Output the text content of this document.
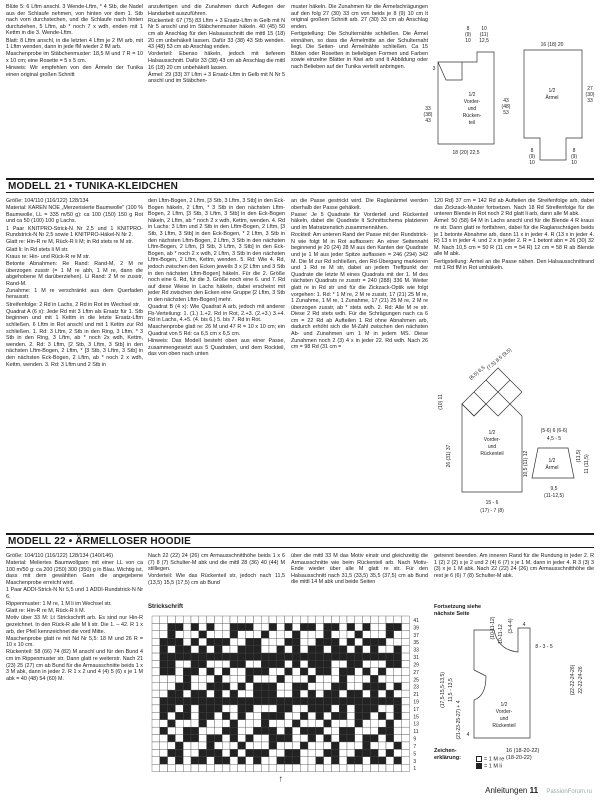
Blüte 5: 6 Lftm anschl. 3 Wende-Lftm, * 4 Stb, die Nadel aus der Schlaufe nehmen, von hinten vor dem 1. Stb nach vorn durchstechen, und die Schlaufe nach hinten durchziehen, 5 Lftm, ab * noch 7 x wdh, enden mit 1 Kettm in die 3. Wende-Lftm.

Blatt: 8 Lftm anschl, in die letzten 4 Lftm je 2 fM arb, mit 1 Lftm wenden, dann in jede fM wieder 2 fM arb.

Maschenprobe im Stäbchenmuster: 18,5 M und 7 R = 10 x 10 cm; eine Rosette = 5 x 5 cm.

Hinweis: Wir empfehlen von den Ärmeln der Tunika einen original großen Schnitt

anzufertigen und die Zunahmen durch Auflegen der Handarbeit auszuführen.

Rückenteil: 67 (75) 83 Lftm + 3 Ersatz-Lftm in Gelb mit N Nr 5 anschl und im Stäbchenmuster häkeln. 40 (45) 50 cm ab Anschlag für den Halsausschnitt die mittl 15 (18) 20 cm unbehäkelt lassen. Dafür 33 (38) 43 Stb wenden. 43 (48) 53 cm ab Anschlag enden.

Vorderteil: Ebenso häkeln, jedoch mit tieferem Halsausschnitt. Dafür 33 (38) 43 cm ab Anschlag die mittl 16 (18) 20 cm unbehäkelt lassen.

Ärmel: 29 (33) 37 Lftm + 3 Ersatz-Lftm in Gelb mit N Nr 5 anschl und im Stäbchen-

muster häkeln. Die Zunahmen für die Ärmelschrägungen auf den folg 27 (30) 33 cm von beids je 8 (9) 10 cm lt original großem Schnitt arb. 27 (30) 33 cm ab Anschlag enden.

Fertigstellung: Die Schulternähte schließen. Die Ärmel einnähen, so dass die Ärmelmitte an der Schulternaht liegt. Die Seiten- und Ärmelnähte schließen. Ca 15 Blüten oder Rosetten in beliebigen Formen und Farben sowie einzelne Blätter in Kiwi arb und lt Abbildung oder nach Belieben auf der Tunika verteilt anbringen.

8
(9)
10
10
(11)
12,5
16 (18) 20
3
33
(38)
43
43
(48)
53
1/2
Vorder-
und
Rücken-
teil
18 (20) 22,5
1/2
Ärmel
27
(30)
33
8
(9)
10
8
(9)
10
MODELL 21 • TUNIKA-KLEIDCHEN

Größe: 104/110 (116/122) 128/134

Material: KAREN NOE „Merzerisierte Baumwolle" (100 % Baumwolle, LL = 335 m/50 g): ca 100 (150) 150 g Rot und ca 50 (100) 100 g Lachs.

1 Paar KNITPRO-Strick-N Nr 2,5 und 1 KNITPRO-Rundstrick-N Nr 2,5 sowie 1 KNITPRO-Häkel-N Nr 2.

Glatt re: Hin-R re M, Rück-R li M; in Rd stets re M str.

Glatt li: In Rd stets li M str.

Kraus re: Hin- und Rück-R re M str.

Betonte Abnahmen: Re Rand: Rand-M, 2 M re überzogen zusstr (= 1 M re abh, 1 M re, dann die abgehobene M darüberziehen). Li Rand: 2 M re zusstr, Rand-M.

Zunahme: 1 M re verschränkt aus dem Querfaden herausstr.

Streifenfolge: 2 Rd in Lachs, 2 Rd in Rot im Wechsel str.

Quadrat A (6 x): Jede Rd mit 3 Lftm als Ersatz für 1. Stb beginnen und mit 1 Kettm in die letzte Ersatz-Lftm schließen. 6 Lftm in Rot anschl und mit 1 Kettm zur Rd schließen. 1. Rd: 3 Lftm, 2 Stb in den Ring, 3 Lftm, * 3 Stb in den Ring, 3 Lftm, ab * noch 2x wdh, Kettm, wenden. 2. Rd: 3 Lftm, [2 Stb, 3 Lftm, 3 Stb] in den nächsten Lftm-Bogen, 2 Lftm, * [3 Stb, 3 Lftm, 3 Stb] in den nächsten Eck-Bogen, 2 Lftm, ab * noch 2 x wdh, Kettm, wenden. 3. Rd: 3 Lftm und 2 Stb in

den Lftm-Bogen, 2 Lftm, [3 Stb, 3 Lftm, 3 Stb] in den Eck-Bogen häkeln, 2 Lftm, * 3 Stb in den nächsten Lftm-Bogen, 2 Lftm, [3 Stb, 3 Lftm, 3 Stb] in den Eck-Bogen häkeln, 2 Lftm, ab * noch 2 x wdh, Kettm, wenden. 4. Rd in Lachs: 3 Lftm und 2 Stb in den Lftm-Bogen, 2 Lftm, [3 Stb, 3 Lftm, 3 Stb] in den Eck-Bogen, * 2 Lftm, 3 Stb in den nächsten Lftm-Bogen, 2 Lftm, 3 Stb in den nächsten Lftm-Bogen, 2 Lftm, [3 Stb, 3 Lftm, 3 Stb] in den Eck-Bogen, ab * noch 2 x wdh, 2 Lftm, 3 Stb in den nächsten Lftm-Bogen, 2 Lftm, Kettm, wenden. 5. Rd: Wie 4. Rd, jedoch zwischen den Ecken jeweils 3 x [2 Lftm und 3 Stb in den nächsten Lftm-Bogen] häkeln. Für die 2. Größe noch eine 6. Rd, für die 3. Größe noch eine 6. und 7. Rd auf diese Weise in Lachs häkeln, dabei erscheint mit jeder Rd zwischen den Ecken eine Gruppe [2 Lftm, 3 Stb in den nächsten Lftm-Bogen] mehr.

Quadrat B (4 x): Wie Quadrat A arb, jedoch mit anderer Fb-Verteilung: 1. (1.) 1.+2. Rd in Rot, 2.+3. (2.+3.) 3.+4. Rd in Lachs, 4.+5. (4. bis 6.) 5. bis 7. Rd in Rot.

Maschenprobe glatt re: 26 M und 47 R = 10 x 10 cm; ein Quadrat von 5 Rd: ca 6,5 cm x 6,5 cm.

Hinweis: Das Modell besteht oben aus einer Passe, zusammengesetzt aus 5 Quadraten, und dem Rockteil, das von oben nach unten

an die Passe gestrickt wird. Die Raglanärmel werden oberhalb der Passe gehäkelt.

Passe: Je 5 Quadrate für Vorderteil und Rückenteil häkeln, dabei die Quadrate lt Schnittschema platzieren und im Matratzenstich zusammennähen.

Rockteil: Am unteren Rand der Passe mit der Rundstrick-N wie folgt M in Rot auffassen: An einer Seitennaht beginnend je 20 (24) 28 M aus den Kanten der Quadrate und je 1 M aus jeder Spitze auffassen = 246 (294) 342 M. Die M zur Rd schließen, den Rd-Übergang markieren und 1 Rd re M str, dabei an jedem Treffpunkt der Quadrate die letzte M eines Quadrats mit der 1. M des nächsten Quadrats re zusstr = 240 (288) 336 M. Weiter glatt re in Rd str und für die Zickzack-Optik wie folgt vorgehen: 1. Rd: * 1 M re, 2 M re zusstr, 17 (21) 25 M re, 1 Zunahme, 1 M re, 1 Zunahme, 17 (21) 25 M re, 2 M re überzogen zusstr, ab * stets wdh. 2. Rd: Alle M re str. Diese 2 Rd stets wdh. Für die Schrägungen nach ca 6 cm = 22 Rd ab Aufteilen 1 Rd ohne Abnahmen arb, dadurch erhöht sich die M-Zahl zwischen den nächsten Ab- und Zunahmen um 1 M in jedem MS. Diese Zunahmen noch 2 (3) 4 x in jeder 22. Rd wdh. Nach 26 cm = 98 Rd (31 cm =

120 Rd) 37 cm = 142 Rd ab Aufteilen die Streifenfolge arb, dabei das Zickzack-Muster fortsetzen. Nach 18 Rd Streifenfolge für die unteren Blende in Rot noch 2 Rd glatt li arb, dann alle M abk.

Ärmel: 50 (58) 64 M in Lachs anschl und für die Blende 4 R kraus re str. Dann glatt re fortfahren, dabei für die Raglanschrägen beids je 1 betonte Abnahme arb, dann 11 x in jeder 4. R (13 x in jeder 4. R) 13 x in jeder 4. und 2 x in jeder 2. R = 1 betont abn = 26 (30) 32 M. Nach 10,5 cm = 50 R (11 cm = 54 R) 12 cm = 58 R ab Blende alle M abk.

Fertigstellung: Ärmel an die Passe nähen. Den Halsausschnittrand mit 1 Rd fM in Rot umhäkeln.

(7,5) 8,5 (9,5)
(6,5) 6,5
1/2
Vorder-
und
Rückenteil
26 (31) 37
(10) 11
15 - 6
(17) - 7 (8)
(5-6) 6 (6-6)
4,5 - 5
1/2
Ärmel
10,5 (11) 12	(11,5) 11 (11,5)
9,5
(11-12,5)
MODELL 22 • ÄRMELLOSER HOODIE

Größe: 104/110 (116/122) 128/134 (140/146)

Material: Meliertes Baumwollgarn mit einer LL von ca 100 m/50 g: ca 200 (250) 300 (350) g in Blau. Wichtig ist, dass mit dem gewählten Garn die angegebene Maschenprobe erreicht wird.

1 Paar ADDI-Strick-N Nr 5,5 und 1 ADDI-Rundstrick-N Nr 6.

Rippenmuster: 1 M re, 1 M li im Wechsel str.

Glatt re: Hin-R re M, Rück-R li M.

Motiv über 33 M: Lt Strickschrift arb. Es sind nur Hin-R gezeichnet. In den Rück-R alle M li str. Die 1. – 42. R 1 x arb, der Pfeil kennzeichnet die vord Mitte.

Maschenprobe glatt re mit Nd Nr 5,5: 18 M und 26 R = 10 x 10 cm.

Rückenteil: 58 (66) 74 (82) M anschl und für den Bund 4 cm im Rippenmuster str. Dann glatt re weiterstr. Nach 21 (23) 25 (27) cm ab Bund für die Armausschnitte beids 1 x 3 M abk, dann in jeder 2. R 1 x 2 und 4 (4) 5 (6) x je 1 M abk = 40 (48) 54 (60) M.

Nach 22 (22) 24 (26) cm Armausschnitthöhe beids 1 x 6 (7) 8 (7) Schulter-M abk und die mittl 28 (36) 40 (44) M stilllegen.

Vorderteil: Wie das Rückenteil str, jedoch nach 11,5 (13,5) 15,5 (17,5) cm ab Bund

über die mittl 33 M das Motiv einstr und gleichzeitig die Armausschnitte wie beim Rückenteil arb. Nach Motiv-Ende wieder über alle M glatt re str. Für den Halsausschnitt nach 31,5 (33,5) 35,5 (37,5) cm ab Bund die mittl 14 M abk und beide Seiten

getrennt beenden. Am inneren Rand für die Rundung in jeder 2. R 1 (2) 2 (2) x je 2 und 2 (4) 6 (7) x je 1 M, dann in jeder 4. R 3 (3) 3 (3) x je 1 M abk. Nach 22 (22) 24 (26) cm Armausschnitthöhe die rest je 6 (6) 7 (8) Schulter-M abk.

Strickschrift
41
39
37
35
33
31
29
27
25
23
21
19
17
15
13
11
9
7
5
3
1
↑
Fortsetzung siehe
nächste Seite
(10-11-12) 10-11-12 (3-4-4) 4
8 - 3 - 5
(22-22-24-26) 22-22-24-26
1/2
Vorder-
und
Rückenteil
(17,5-15,5-13,5) 11,5 - 13,5
(21-23-25-27) + 4 4
Zeichen-
erklärung:	= 1 M re
= 1 M li
16 (18-20-22)
(18-20-22)
Anleitungen 11 PassionForum.ru
